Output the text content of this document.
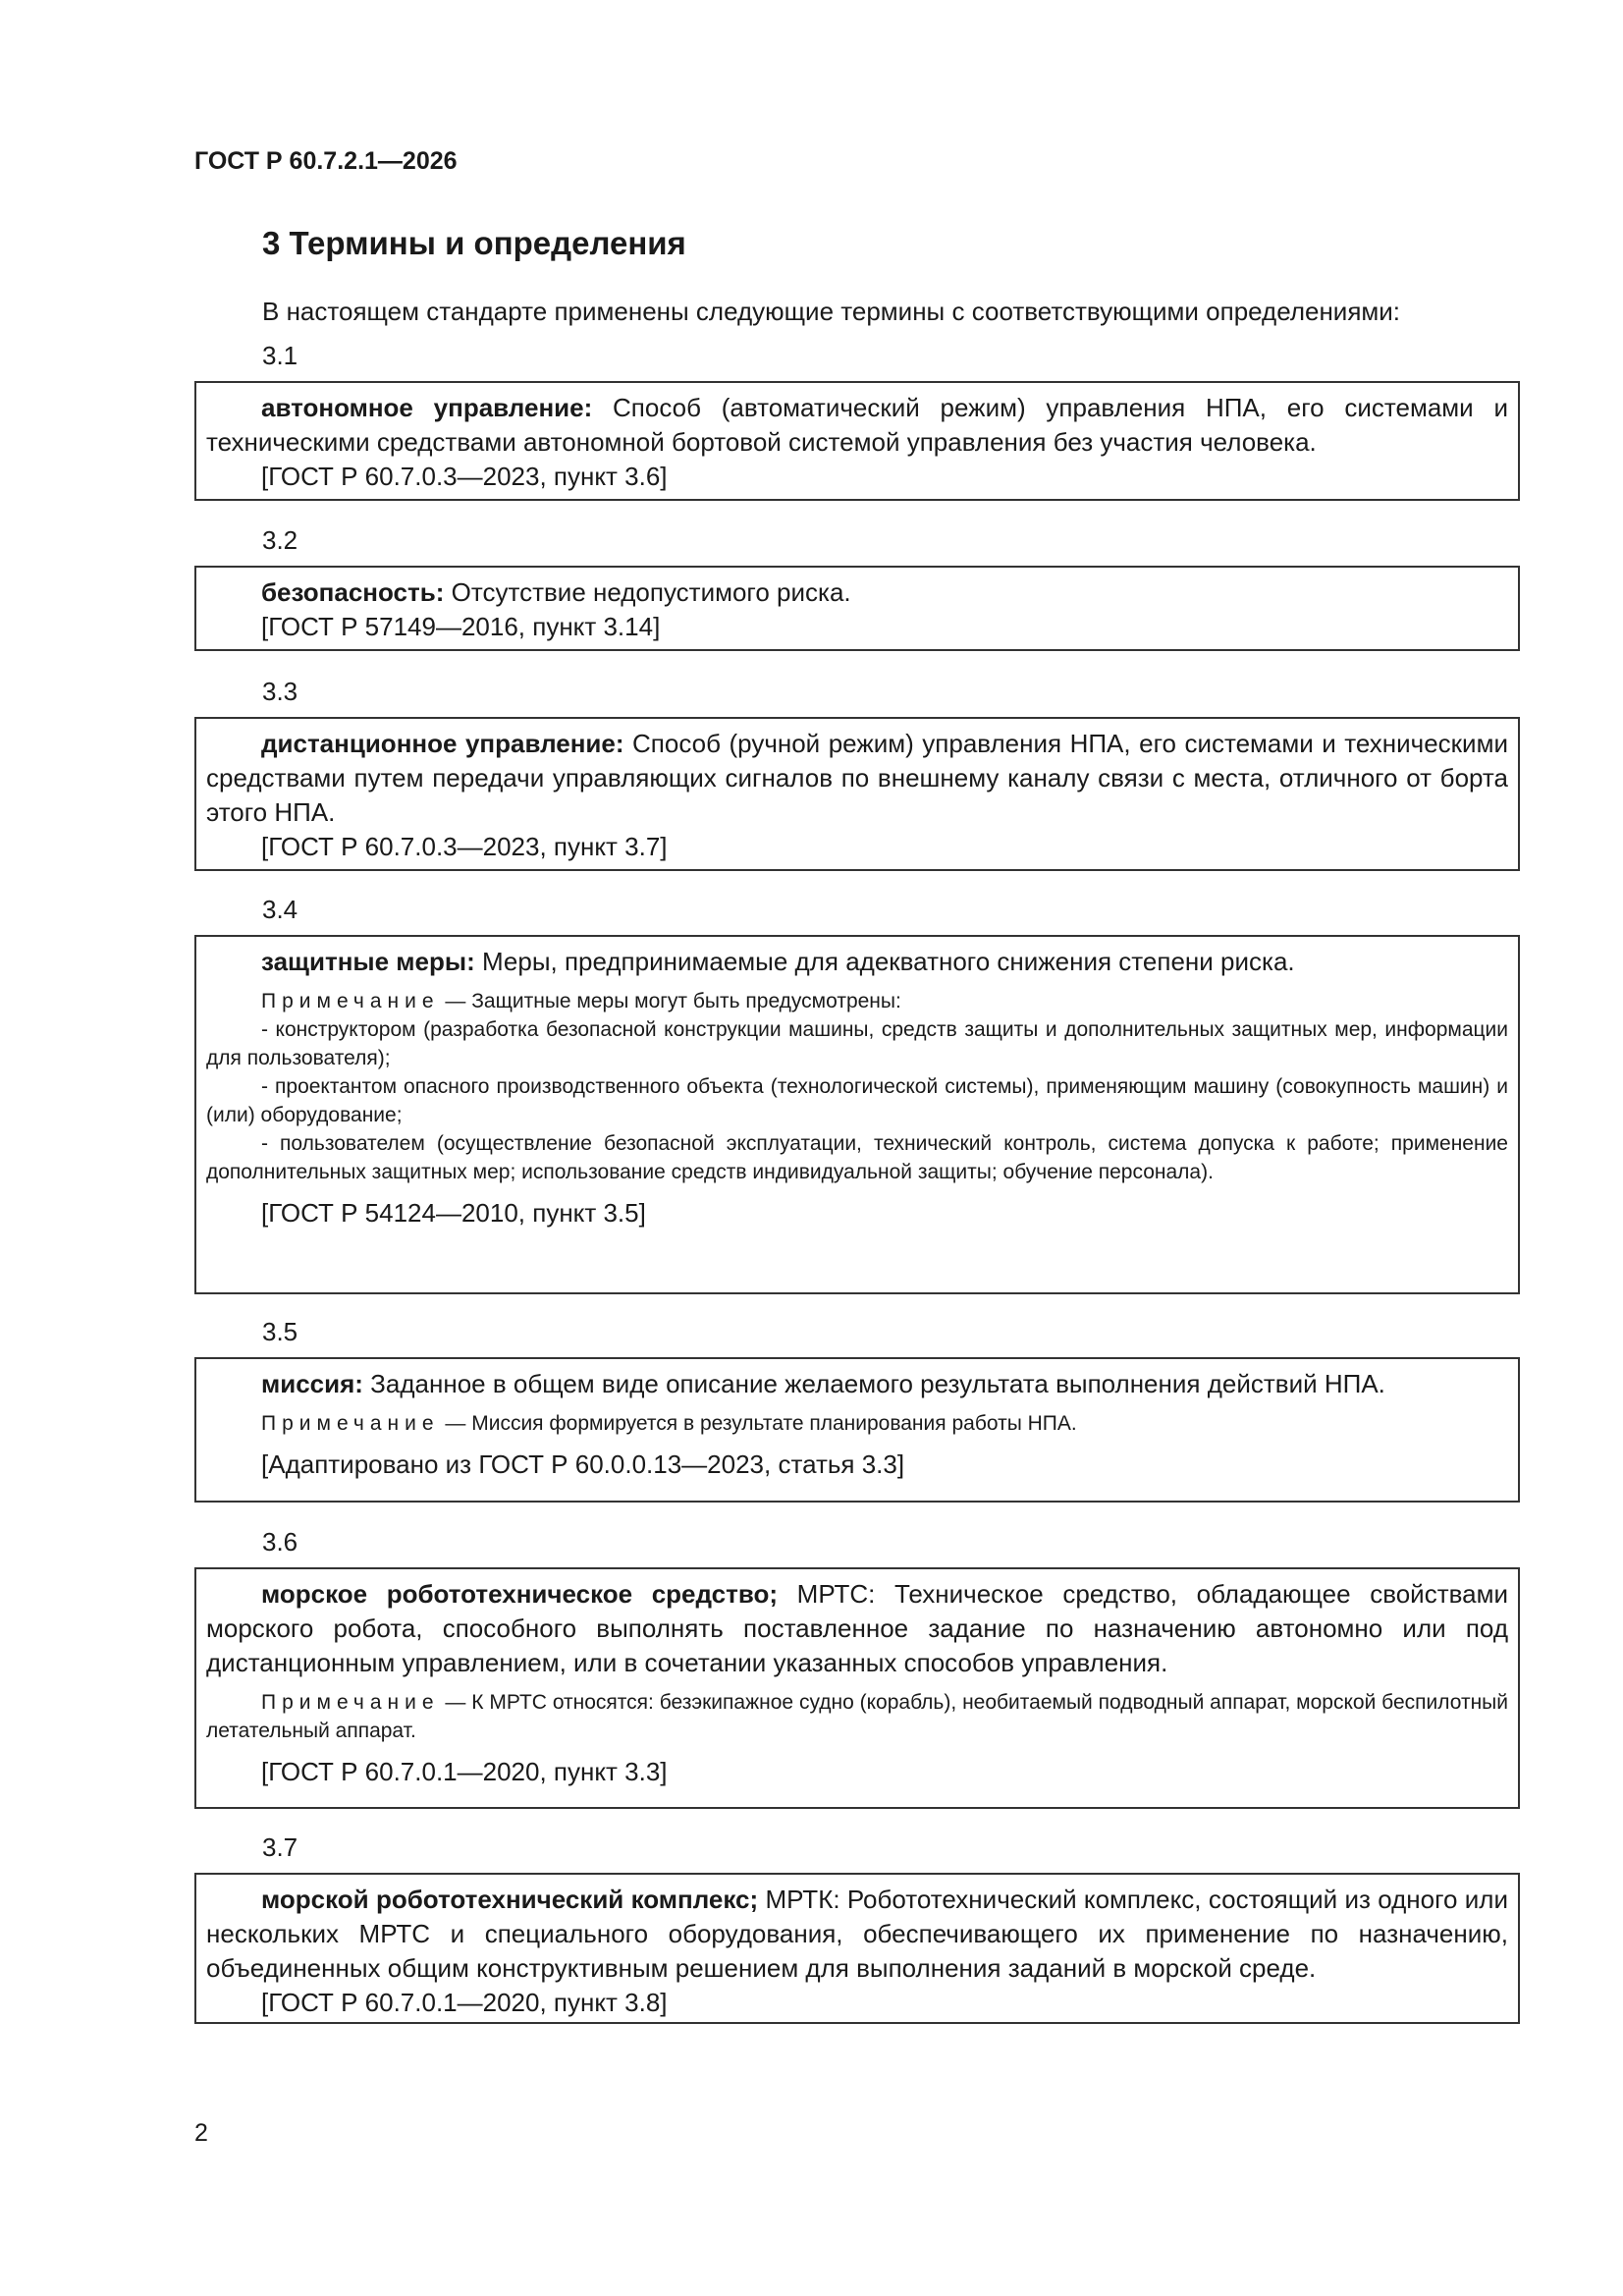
ГОСТ Р 60.7.2.1—2026
3 Термины и определения
В настоящем стандарте применены следующие термины с соответствующими определениями:
3.1

автономное управление: Способ (автоматический режим) управления НПА, его системами и техническими средствами автономной бортовой системой управления без участия человека.

[ГОСТ Р 60.7.0.3—2023, пункт 3.6]

3.2

безопасность: Отсутствие недопустимого риска.

[ГОСТ Р 57149—2016, пункт 3.14]

3.3

дистанционное управление: Способ (ручной режим) управления НПА, его системами и техническими средствами путем передачи управляющих сигналов по внешнему каналу связи с места, отличного от борта этого НПА.

[ГОСТ Р 60.7.0.3—2023, пункт 3.7]

3.4

защитные меры: Меры, предпринимаемые для адекватного снижения степени риска.

Примечание — Защитные меры могут быть предусмотрены:

- конструктором (разработка безопасной конструкции машины, средств защиты и дополнительных защитных мер, информации для пользователя);

- проектантом опасного производственного объекта (технологической системы), применяющим машину (совокупность машин) и (или) оборудование;

- пользователем (осуществление безопасной эксплуатации, технический контроль, система допуска к работе; применение дополнительных защитных мер; использование средств индивидуальной защиты; обучение персонала).

[ГОСТ Р 54124—2010, пункт 3.5]

3.5

миссия: Заданное в общем виде описание желаемого результата выполнения действий НПА.

Примечание — Миссия формируется в результате планирования работы НПА.

[Адаптировано из ГОСТ Р 60.0.0.13—2023, статья 3.3]

3.6

морское робототехническое средство; МРТС: Техническое средство, обладающее свойствами морского робота, способного выполнять поставленное задание по назначению автономно или под дистанционным управлением, или в сочетании указанных способов управления.

Примечание — К МРТС относятся: безэкипажное судно (корабль), необитаемый подводный аппарат, морской беспилотный летательный аппарат.

[ГОСТ Р 60.7.0.1—2020, пункт 3.3]

3.7

морской робототехнический комплекс; МРТК: Робототехнический комплекс, состоящий из одного или нескольких МРТС и специального оборудования, обеспечивающего их применение по назначению, объединенных общим конструктивным решением для выполнения заданий в морской среде.

[ГОСТ Р 60.7.0.1—2020, пункт 3.8]

2
